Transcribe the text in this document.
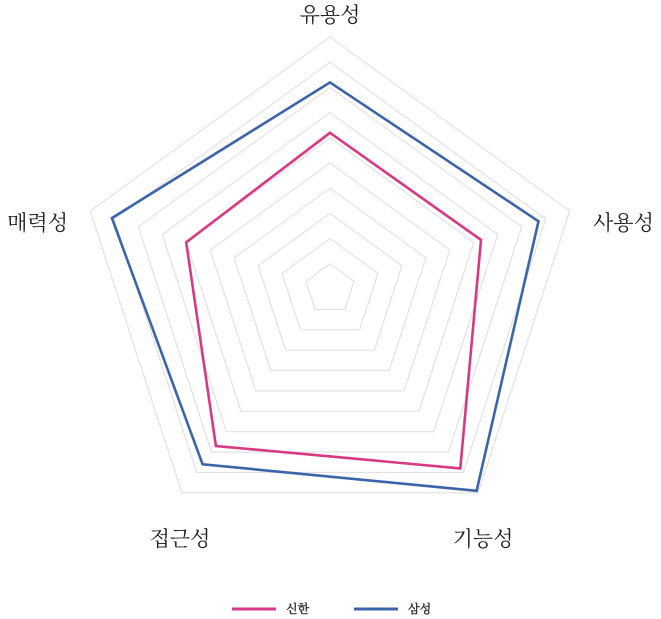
유용성
사용성
기능성
접근성
매력성
신한	삼성
